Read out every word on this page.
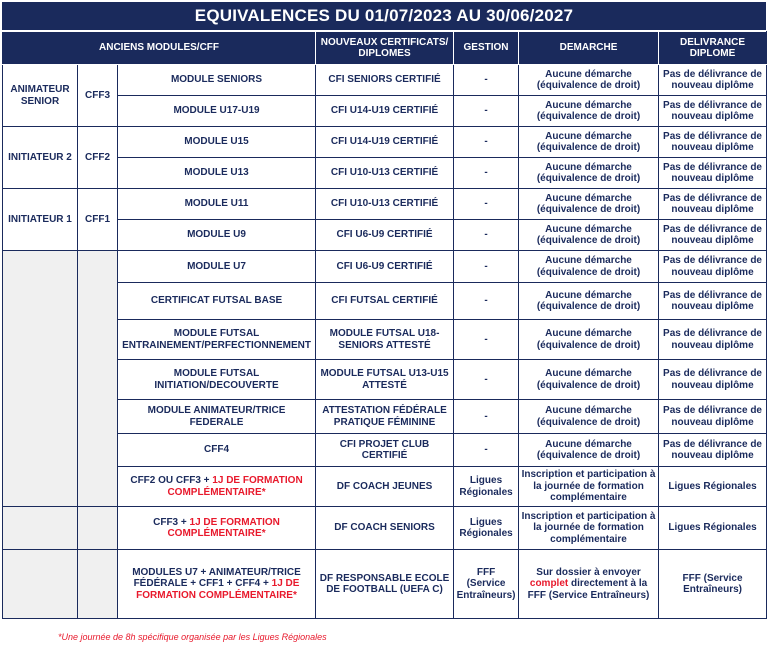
EQUIVALENCES DU 01/07/2023 AU 30/06/2027
ANCIENS MODULES/CFF			NOUVEAUX CERTIFICATS/ DIPLOMES	GESTION	DEMARCHE	DELIVRANCE DIPLOME
ANIMATEUR SENIOR	CFF3	MODULE SENIORS	CFI SENIORS CERTIFIÉ	-	Aucune démarche (équivalence de droit)	Pas de délivrance de nouveau diplôme
		MODULE U17-U19	CFI U14-U19 CERTIFIÉ	-	Aucune démarche (équivalence de droit)	Pas de délivrance de nouveau diplôme
INITIATEUR 2	CFF2	MODULE U15	CFI U14-U19 CERTIFIÉ	-	Aucune démarche (équivalence de droit)	Pas de délivrance de nouveau diplôme
		MODULE U13	CFI U10-U13 CERTIFIÉ	-	Aucune démarche (équivalence de droit)	Pas de délivrance de nouveau diplôme
INITIATEUR 1	CFF1	MODULE U11	CFI U10-U13 CERTIFIÉ	-	Aucune démarche (équivalence de droit)	Pas de délivrance de nouveau diplôme
		MODULE U9	CFI U6-U9 CERTIFIÉ	-	Aucune démarche (équivalence de droit)	Pas de délivrance de nouveau diplôme
		MODULE U7	CFI U6-U9 CERTIFIÉ	-	Aucune démarche (équivalence de droit)	Pas de délivrance de nouveau diplôme
		CERTIFICAT FUTSAL BASE	CFI FUTSAL CERTIFIÉ	-	Aucune démarche (équivalence de droit)	Pas de délivrance de nouveau diplôme
		MODULE FUTSAL ENTRAINEMENT/PERFECTIONNEMENT	MODULE FUTSAL U18-SENIORS ATTESTÉ	-	Aucune démarche (équivalence de droit)	Pas de délivrance de nouveau diplôme
		MODULE FUTSAL INITIATION/DECOUVERTE	MODULE FUTSAL U13-U15 ATTESTÉ	-	Aucune démarche (équivalence de droit)	Pas de délivrance de nouveau diplôme
		MODULE ANIMATEUR/TRICE FEDERALE	ATTESTATION FÉDÉRALE PRATIQUE FÉMININE	-	Aucune démarche (équivalence de droit)	Pas de délivrance de nouveau diplôme
		CFF4	CFI PROJET CLUB CERTIFIÉ	-	Aucune démarche (équivalence de droit)	Pas de délivrance de nouveau diplôme
		CFF2 OU CFF3 + 1J DE FORMATION COMPLÉMENTAIRE*	DF COACH JEUNES	Ligues Régionales	Inscription et participation à la journée de formation complémentaire	Ligues Régionales
		CFF3 + 1J DE FORMATION COMPLÉMENTAIRE*	DF COACH SENIORS	Ligues Régionales	Inscription et participation à la journée de formation complémentaire	Ligues Régionales
		MODULES U7 + ANIMATEUR/TRICE FÉDÉRALE + CFF1 + CFF4 + 1J DE FORMATION COMPLÉMENTAIRE*	DF RESPONSABLE ECOLE DE FOOTBALL (UEFA C)	FFF (Service Entraîneurs)	Sur dossier à envoyer complet directement à la FFF (Service Entraîneurs)	FFF (Service Entraîneurs)
*Une journée de 8h spécifique organisée par les Ligues Régionales
